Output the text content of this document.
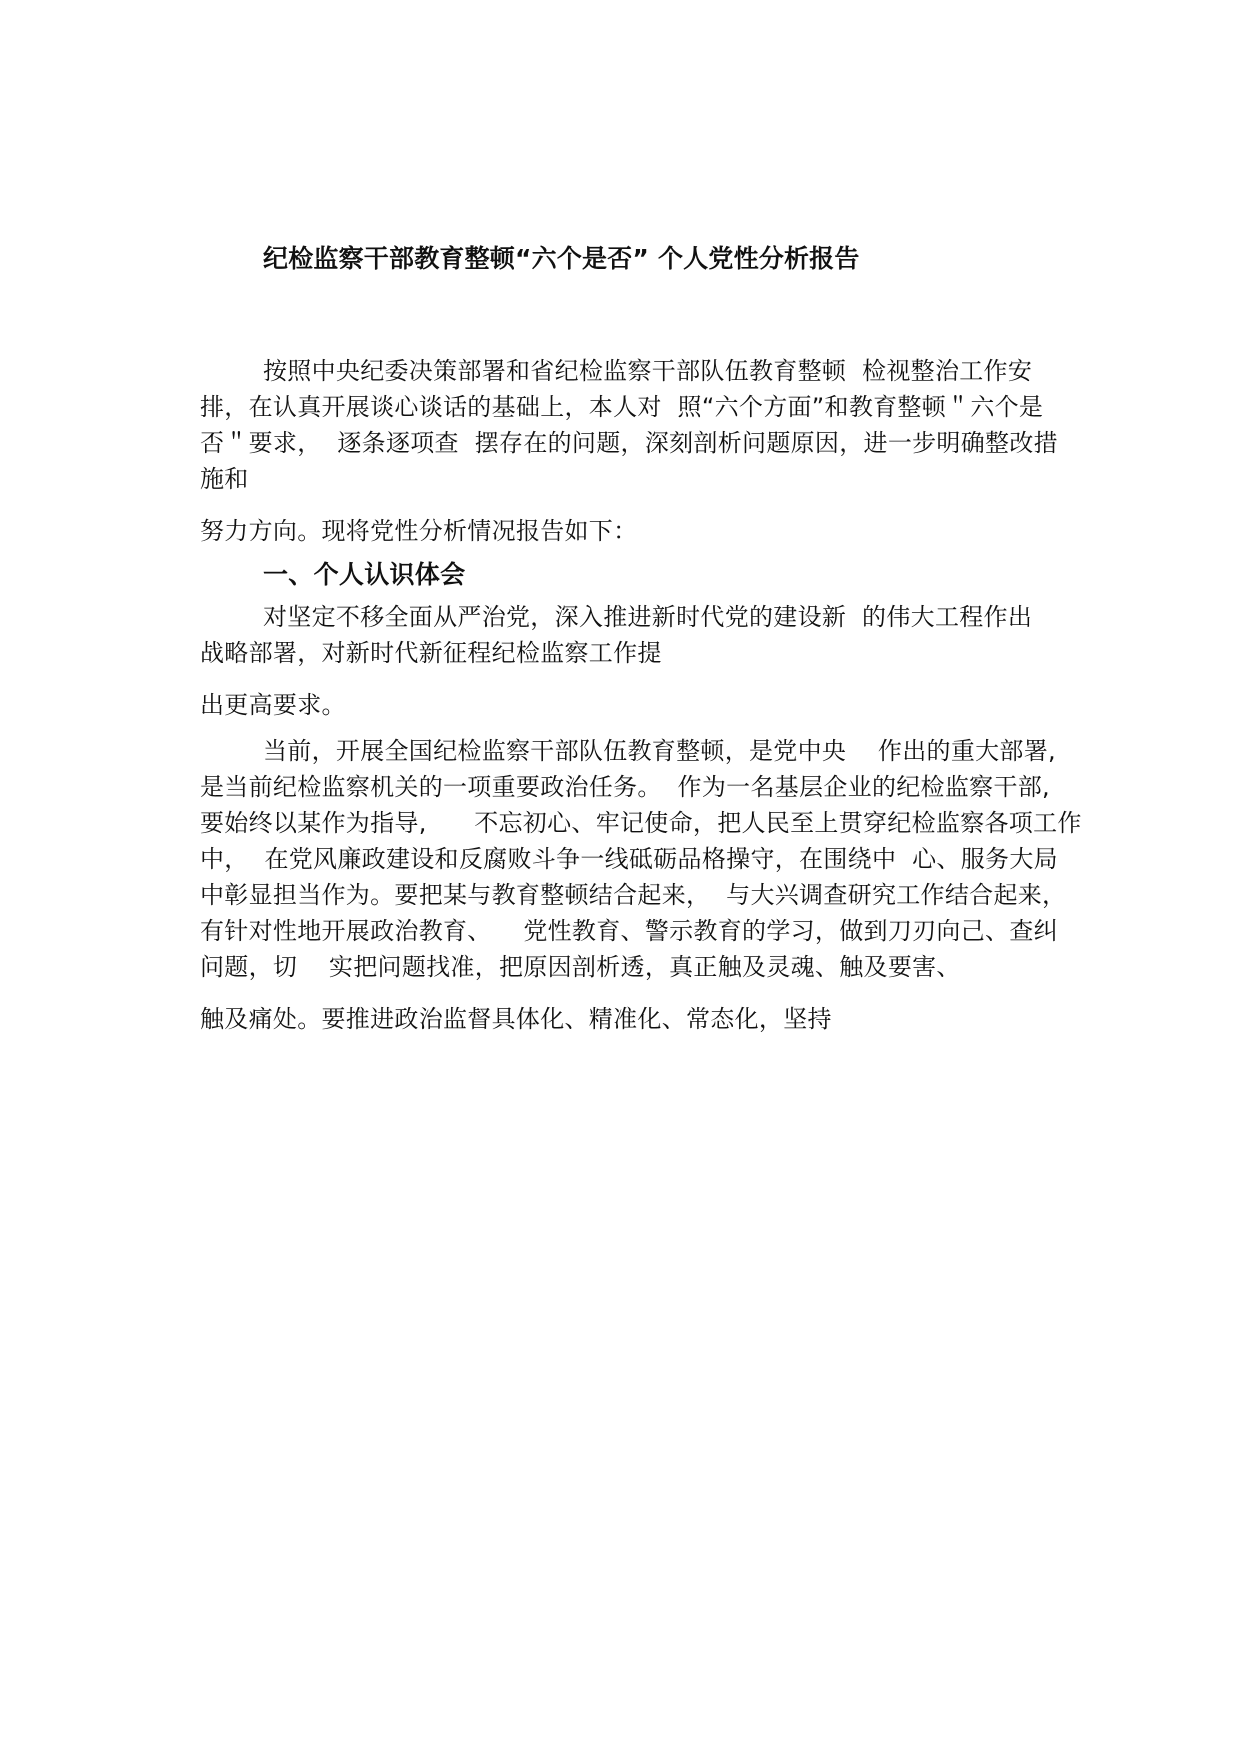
纪检监察干部教育整顿“六个是否” 个人党性分析报告
按照中央纪委决策部署和省纪检监察干部队伍教育整顿  检视整治工作安
排，在认真开展谈心谈话的基础上，本人对  照“六个方面”和教育整顿＂六个是
否＂要求，  逐条逐项查  摆存在的问题，深刻剖析问题原因，进一步明确整改措
施和
努力方向。现将党性分析情况报告如下：
一、个人认识体会
对坚定不移全面从严治党，深入推进新时代党的建设新  的伟大工程作出
战略部署，对新时代新征程纪检监察工作提
出更高要求。
当前，开展全国纪检监察干部队伍教育整顿，是党中央    作出的重大部署,
是当前纪检监察机关的一项重要政治任务。  作为一名基层企业的纪检监察干部,
要始终以某作为指导,      不忘初心、牢记使命，把人民至上贯穿纪检监察各项工作
中，  在党风廉政建设和反腐败斗争一线砥砺品格操守，在围绕中  心、服务大局
中彰显担当作为。要把某与教育整顿结合起来，  与大兴调查研究工作结合起来，
有针对性地开展政治教育、    党性教育、警示教育的学习，做到刀刃向己、查纠
问题，切    实把问题找准，把原因剖析透，真正触及灵魂、触及要害、
触及痛处。要推进政治监督具体化、精准化、常态化，坚持
